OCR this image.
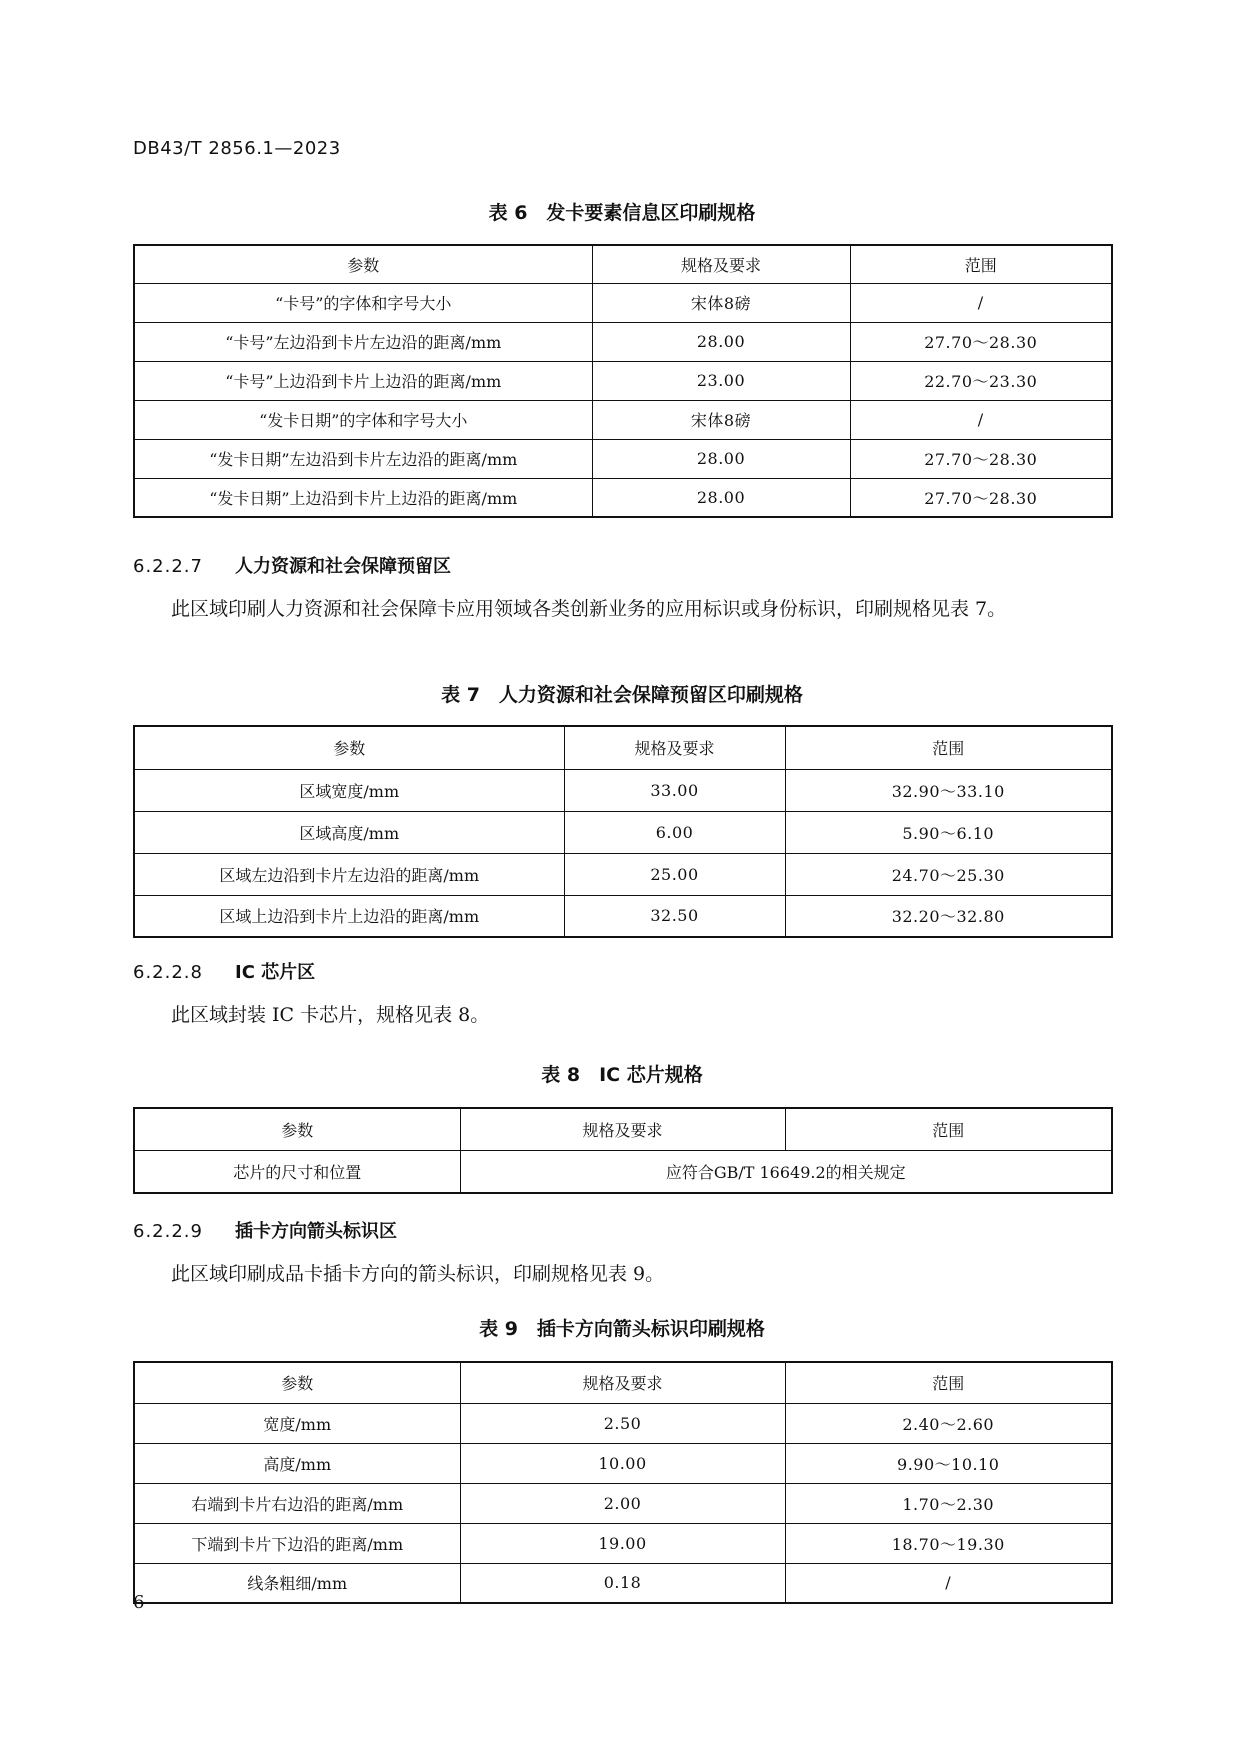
DB43/T 2856.1—2023
表 6　发卡要素信息区印刷规格
参数	规格及要求	范围
“卡号”的字体和字号大小	宋体8磅	/
“卡号”左边沿到卡片左边沿的距离/mm	28.00	27.70～28.30
“卡号”上边沿到卡片上边沿的距离/mm	23.00	22.70～23.30
“发卡日期”的字体和字号大小	宋体8磅	/
“发卡日期”左边沿到卡片左边沿的距离/mm	28.00	27.70～28.30
“发卡日期”上边沿到卡片上边沿的距离/mm	28.00	27.70～28.30
6.2.2.7 人力资源和社会保障预留区
此区域印刷人力资源和社会保障卡应用领域各类创新业务的应用标识或身份标识，印刷规格见表 7。
表 7　人力资源和社会保障预留区印刷规格
参数	规格及要求	范围
区域宽度/mm	33.00	32.90～33.10
区域高度/mm	6.00	5.90～6.10
区域左边沿到卡片左边沿的距离/mm	25.00	24.70～25.30
区域上边沿到卡片上边沿的距离/mm	32.50	32.20～32.80
6.2.2.8 IC 芯片区
此区域封装 IC 卡芯片，规格见表 8。
表 8　IC 芯片规格
参数	规格及要求	范围
芯片的尺寸和位置	应符合GB/T 16649.2的相关规定	
6.2.2.9 插卡方向箭头标识区
此区域印刷成品卡插卡方向的箭头标识，印刷规格见表 9。
表 9　插卡方向箭头标识印刷规格
参数	规格及要求	范围
宽度/mm	2.50	2.40～2.60
高度/mm	10.00	9.90～10.10
右端到卡片右边沿的距离/mm	2.00	1.70～2.30
下端到卡片下边沿的距离/mm	19.00	18.70～19.30
线条粗细/mm	0.18	/
6
